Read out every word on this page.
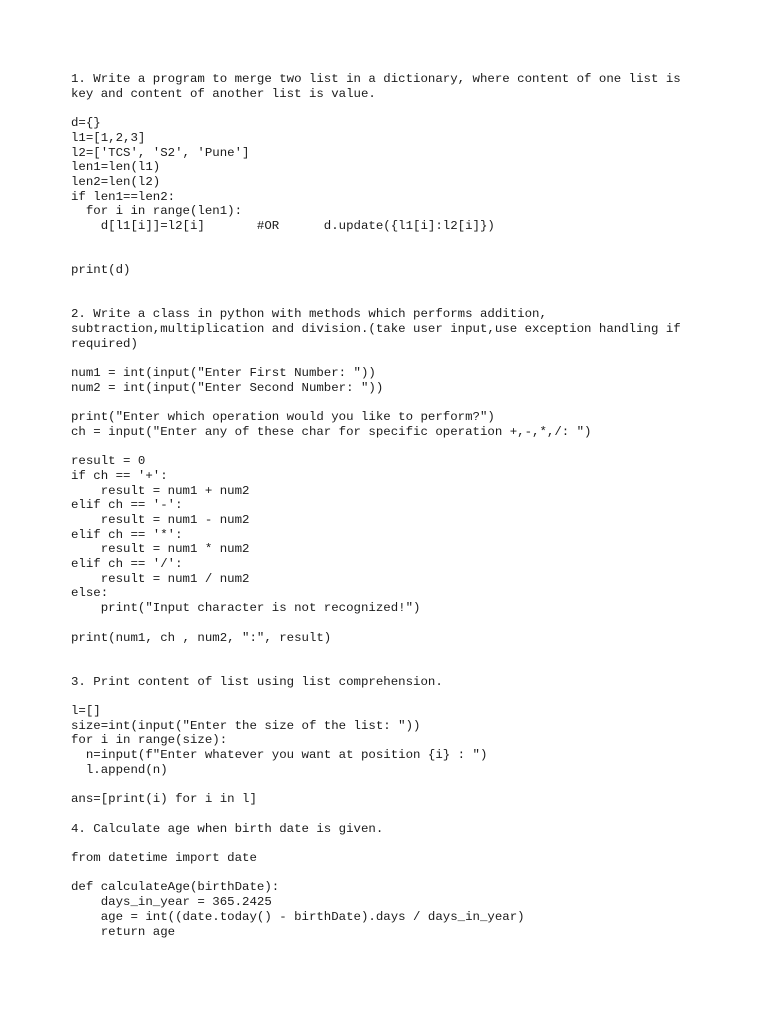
1. Write a program to merge two list in a dictionary, where content of one list is
key and content of another list is value.
d={}
l1=[1,2,3]
l2=['TCS', 'S2', 'Pune']
len1=len(l1)
len2=len(l2)
if len1==len2:
for i in range(len1):
d[l1[i]]=l2[i]       #OR      d.update({l1[i]:l2[i]})
print(d)
2. Write a class in python with methods which performs addition,
subtraction,multiplication and division.(take user input,use exception handling if
required)
num1 = int(input("Enter First Number: "))
num2 = int(input("Enter Second Number: "))
print("Enter which operation would you like to perform?")
ch = input("Enter any of these char for specific operation +,-,*,/: ")
result = 0
if ch == '+':
result = num1 + num2
elif ch == '-':
result = num1 - num2
elif ch == '*':
result = num1 * num2
elif ch == '/':
result = num1 / num2
else:
print("Input character is not recognized!")
print(num1, ch , num2, ":", result)
3. Print content of list using list comprehension.
l=[]
size=int(input("Enter the size of the list: "))
for i in range(size):
n=input(f"Enter whatever you want at position {i} : ")
l.append(n)
ans=[print(i) for i in l]
4. Calculate age when birth date is given.
from datetime import date
def calculateAge(birthDate):
days_in_year = 365.2425
age = int((date.today() - birthDate).days / days_in_year)
return age
